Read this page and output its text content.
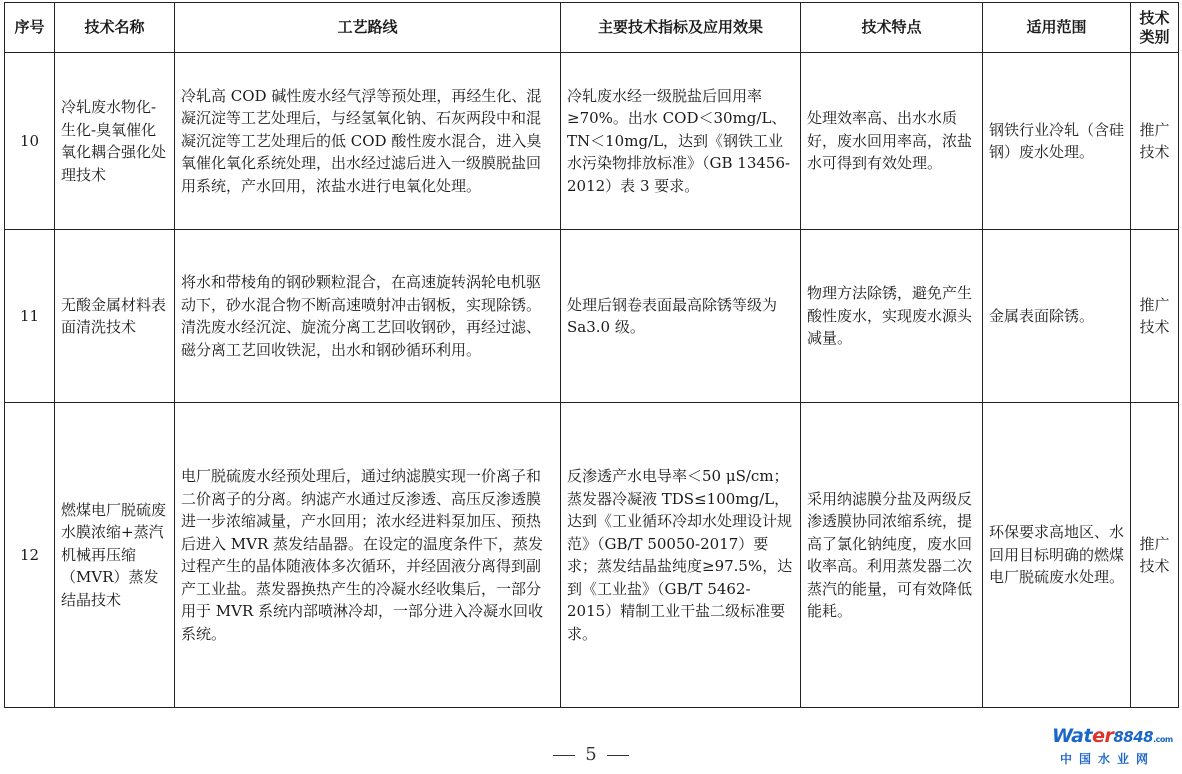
序号	技术名称	工艺路线	主要技术指标及应用效果	技术特点	适用范围	技术类别
10	冷轧废水物化-生化-臭氧催化氧化耦合强化处理技术	冷轧高 COD 碱性废水经气浮等预处理，再经生化、混凝沉淀等工艺处理后，与经氢氧化钠、石灰两段中和混凝沉淀等工艺处理后的低 COD 酸性废水混合，进入臭氧催化氧化系统处理，出水经过滤后进入一级膜脱盐回用系统，产水回用，浓盐水进行电氧化处理。	冷轧废水经一级脱盐后回用率≥70%。出水 COD＜30mg/L、TN＜10mg/L，达到《钢铁工业水污染物排放标准》（GB 13456-2012）表 3 要求。	处理效率高、出水水质好，废水回用率高，浓盐水可得到有效处理。	钢铁行业冷轧（含硅钢）废水处理。	推广技术
11	无酸金属材料表面清洗技术	将水和带棱角的钢砂颗粒混合，在高速旋转涡轮电机驱动下，砂水混合物不断高速喷射冲击钢板，实现除锈。清洗废水经沉淀、旋流分离工艺回收钢砂，再经过滤、磁分离工艺回收铁泥，出水和钢砂循环利用。	处理后钢卷表面最高除锈等级为 Sa3.0 级。	物理方法除锈，避免产生酸性废水，实现废水源头减量。	金属表面除锈。	推广技术
12	燃煤电厂脱硫废水膜浓缩+蒸汽机械再压缩（MVR）蒸发结晶技术	电厂脱硫废水经预处理后，通过纳滤膜实现一价离子和二价离子的分离。纳滤产水通过反渗透、高压反渗透膜进一步浓缩减量，产水回用；浓水经进料泵加压、预热后进入 MVR 蒸发结晶器。在设定的温度条件下，蒸发过程产生的晶体随液体多次循环，并经固液分离得到副产工业盐。蒸发器换热产生的冷凝水经收集后，一部分用于 MVR 系统内部喷淋冷却，一部分进入冷凝水回收系统。	反渗透产水电导率＜50 μS/cm；蒸发器冷凝液 TDS≤100mg/L，达到《工业循环冷却水处理设计规范》（GB/T 50050-2017）要求；蒸发结晶盐纯度≥97.5%，达到《工业盐》（GB/T 5462-2015）精制工业干盐二级标准要求。	采用纳滤膜分盐及两级反渗透膜协同浓缩系统，提高了氯化钠纯度，废水回收率高。利用蒸发器二次蒸汽的能量，可有效降低能耗。	环保要求高地区、水回用目标明确的燃煤电厂脱硫废水处理。	推广技术
5
Water8848.com
中国水业网
